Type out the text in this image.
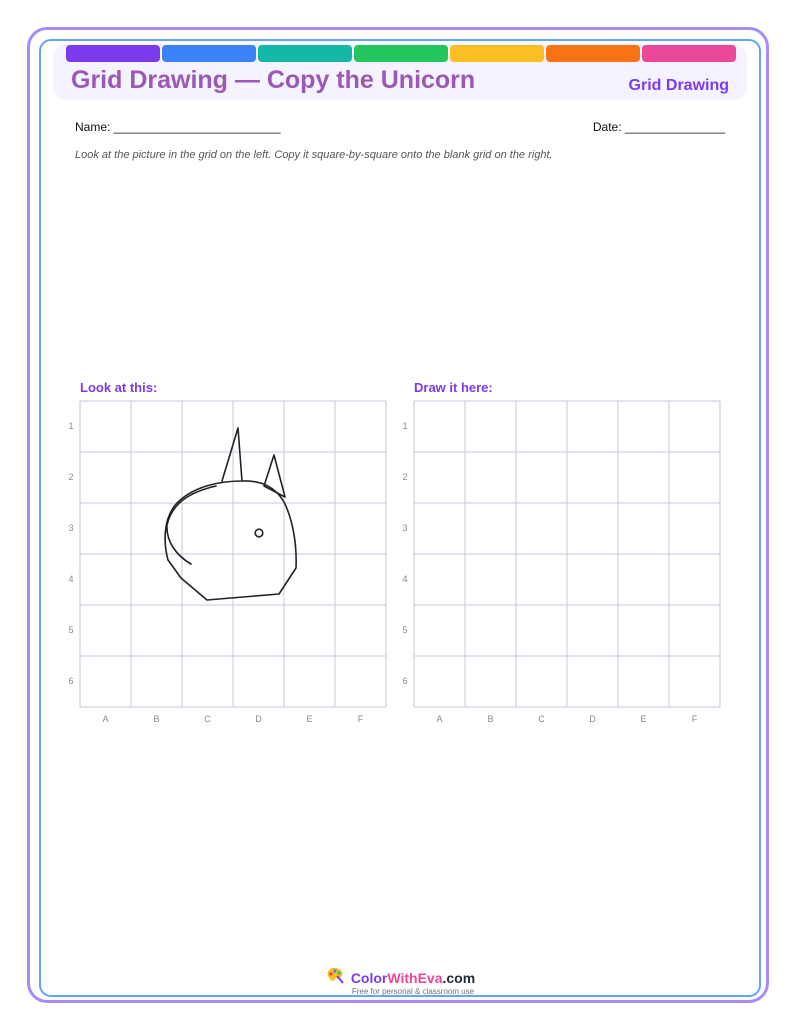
Grid Drawing — Copy the Unicorn	Grid Drawing
Name: _________________________	Date: _______________
Look at the picture in the grid on the left. Copy it square-by-square onto the blank grid on the right.
Look at this:	Draw it here:
1
2
3
4
5
6
A	B	C	D	E	F
1
2
3
4
5
6
A	B	C	D	E	F
ColorWithEva.com
Free for personal & classroom use
